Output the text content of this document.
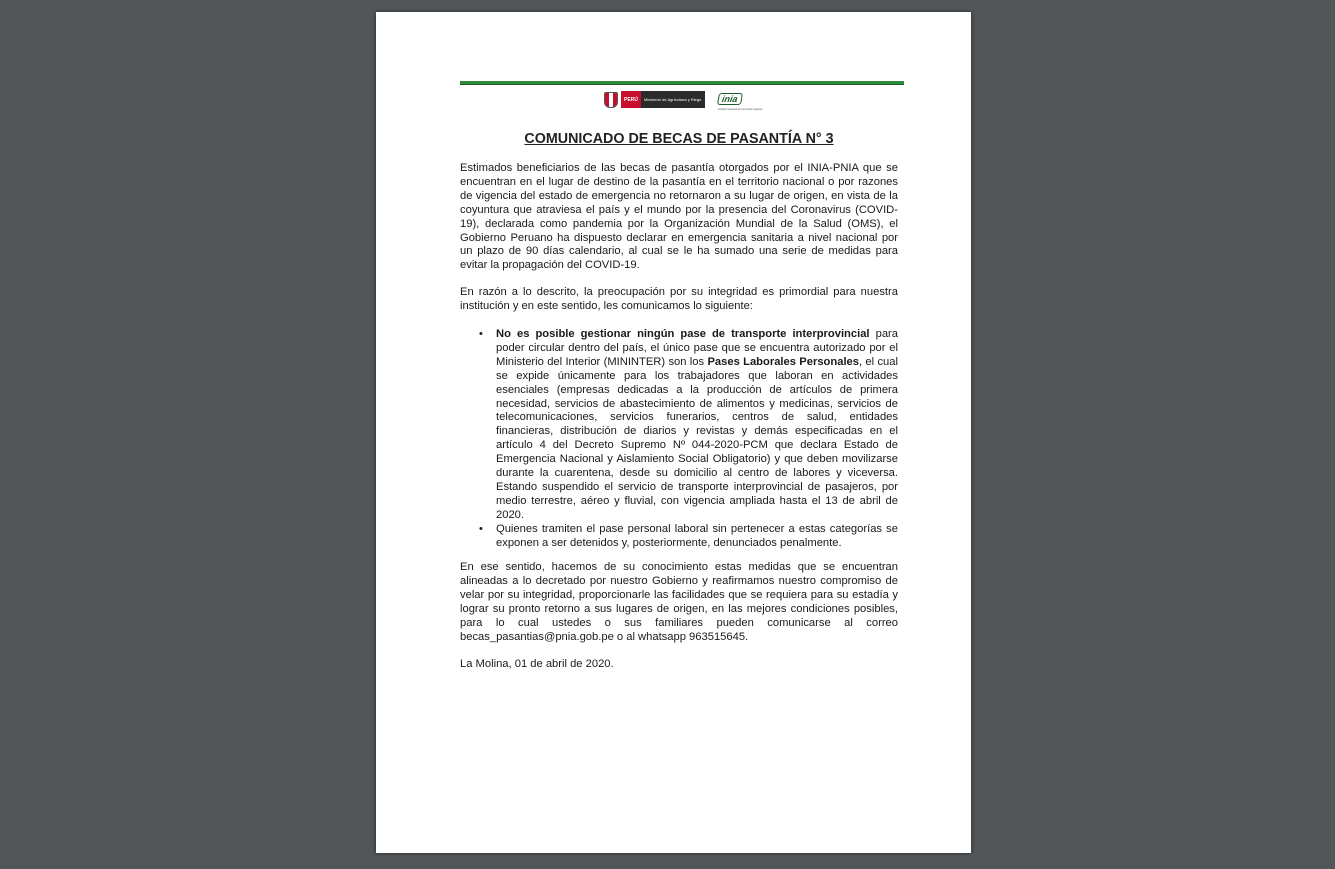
PERÚ	Ministerio de Agricultura y Riego	inia
Instituto Nacional de Innovación Agraria
COMUNICADO DE BECAS DE PASANTÍA N° 3

Estimados beneficiarios de las becas de pasantía otorgados por el INIA-PNIA que se encuentran en el lugar de destino de la pasantía en el territorio nacional o por razones de vigencia del estado de emergencia no retornaron a su lugar de origen, en vista de la coyuntura que atraviesa el país y el mundo por la presencia del Coronavirus (COVID-19), declarada como pandemia por la Organización Mundial de la Salud (OMS), el Gobierno Peruano ha dispuesto declarar en emergencia sanitaria a nivel nacional por un plazo de 90 días calendario, al cual se le ha sumado una serie de medidas para evitar la propagación del COVID-19.

En razón a lo descrito, la preocupación por su integridad es primordial para nuestra institución y en este sentido, les comunicamos lo siguiente:

• No es posible gestionar ningún pase de transporte interprovincial para poder circular dentro del país, el único pase que se encuentra autorizado por el Ministerio del Interior (MININTER) son los Pases Laborales Personales, el cual se expide únicamente para los trabajadores que laboran en actividades esenciales (empresas dedicadas a la producción de artículos de primera necesidad, servicios de abastecimiento de alimentos y medicinas, servicios de telecomunicaciones, servicios funerarios, centros de salud, entidades financieras, distribución de diarios y revistas y demás especificadas en el artículo 4 del Decreto Supremo Nº 044-2020-PCM que declara Estado de Emergencia Nacional y Aislamiento Social Obligatorio) y que deben movilizarse durante la cuarentena, desde su domicilio al centro de labores y viceversa. Estando suspendido el servicio de transporte interprovincial de pasajeros, por medio terrestre, aéreo y fluvial, con vigencia ampliada hasta el 13 de abril de 2020.
• Quienes tramiten el pase personal laboral sin pertenecer a estas categorías se exponen a ser detenidos y, posteriormente, denunciados penalmente.

En ese sentido, hacemos de su conocimiento estas medidas que se encuentran alineadas a lo decretado por nuestro Gobierno y reafirmamos nuestro compromiso de velar por su integridad, proporcionarle las facilidades que se requiera para su estadía y lograr su pronto retorno a sus lugares de origen, en las mejores condiciones posibles, para lo cual ustedes o sus familiares pueden comunicarse al correo becas_pasantias@pnia.gob.pe o al whatsapp 963515645.

La Molina, 01 de abril de 2020.
